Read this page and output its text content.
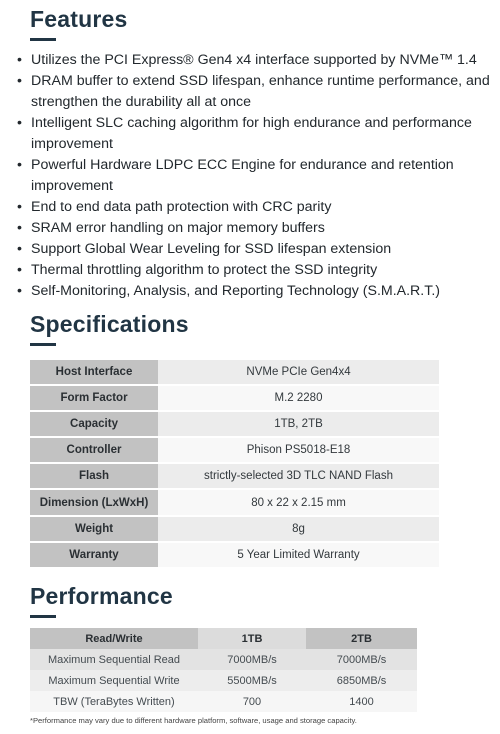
Features
• Utilizes the PCI Express® Gen4 x4 interface supported by NVMe™ 1.4
• DRAM buffer to extend SSD lifespan, enhance runtime performance, and strengthen the durability all at once
• Intelligent SLC caching algorithm for high endurance and performance improvement
• Powerful Hardware LDPC ECC Engine for endurance and retention improvement
• End to end data path protection with CRC parity
• SRAM error handling on major memory buffers
• Support Global Wear Leveling for SSD lifespan extension
• Thermal throttling algorithm to protect the SSD integrity
• Self-Monitoring, Analysis, and Reporting Technology (S.M.A.R.T.)
Specifications
Host Interface	NVMe PCIe Gen4x4
Form Factor	M.2 2280
Capacity	1TB, 2TB
Controller	Phison PS5018-E18
Flash	strictly-selected 3D TLC NAND Flash
Dimension (LxWxH)	80 x 22 x 2.15 mm
Weight	8g
Warranty	5 Year Limited Warranty
Performance
Read/Write	1TB	2TB
Maximum Sequential Read	7000MB/s	7000MB/s
Maximum Sequential Write	5500MB/s	6850MB/s
TBW (TeraBytes Written)	700	1400
*Performance may vary due to different hardware platform, software, usage and storage capacity.
